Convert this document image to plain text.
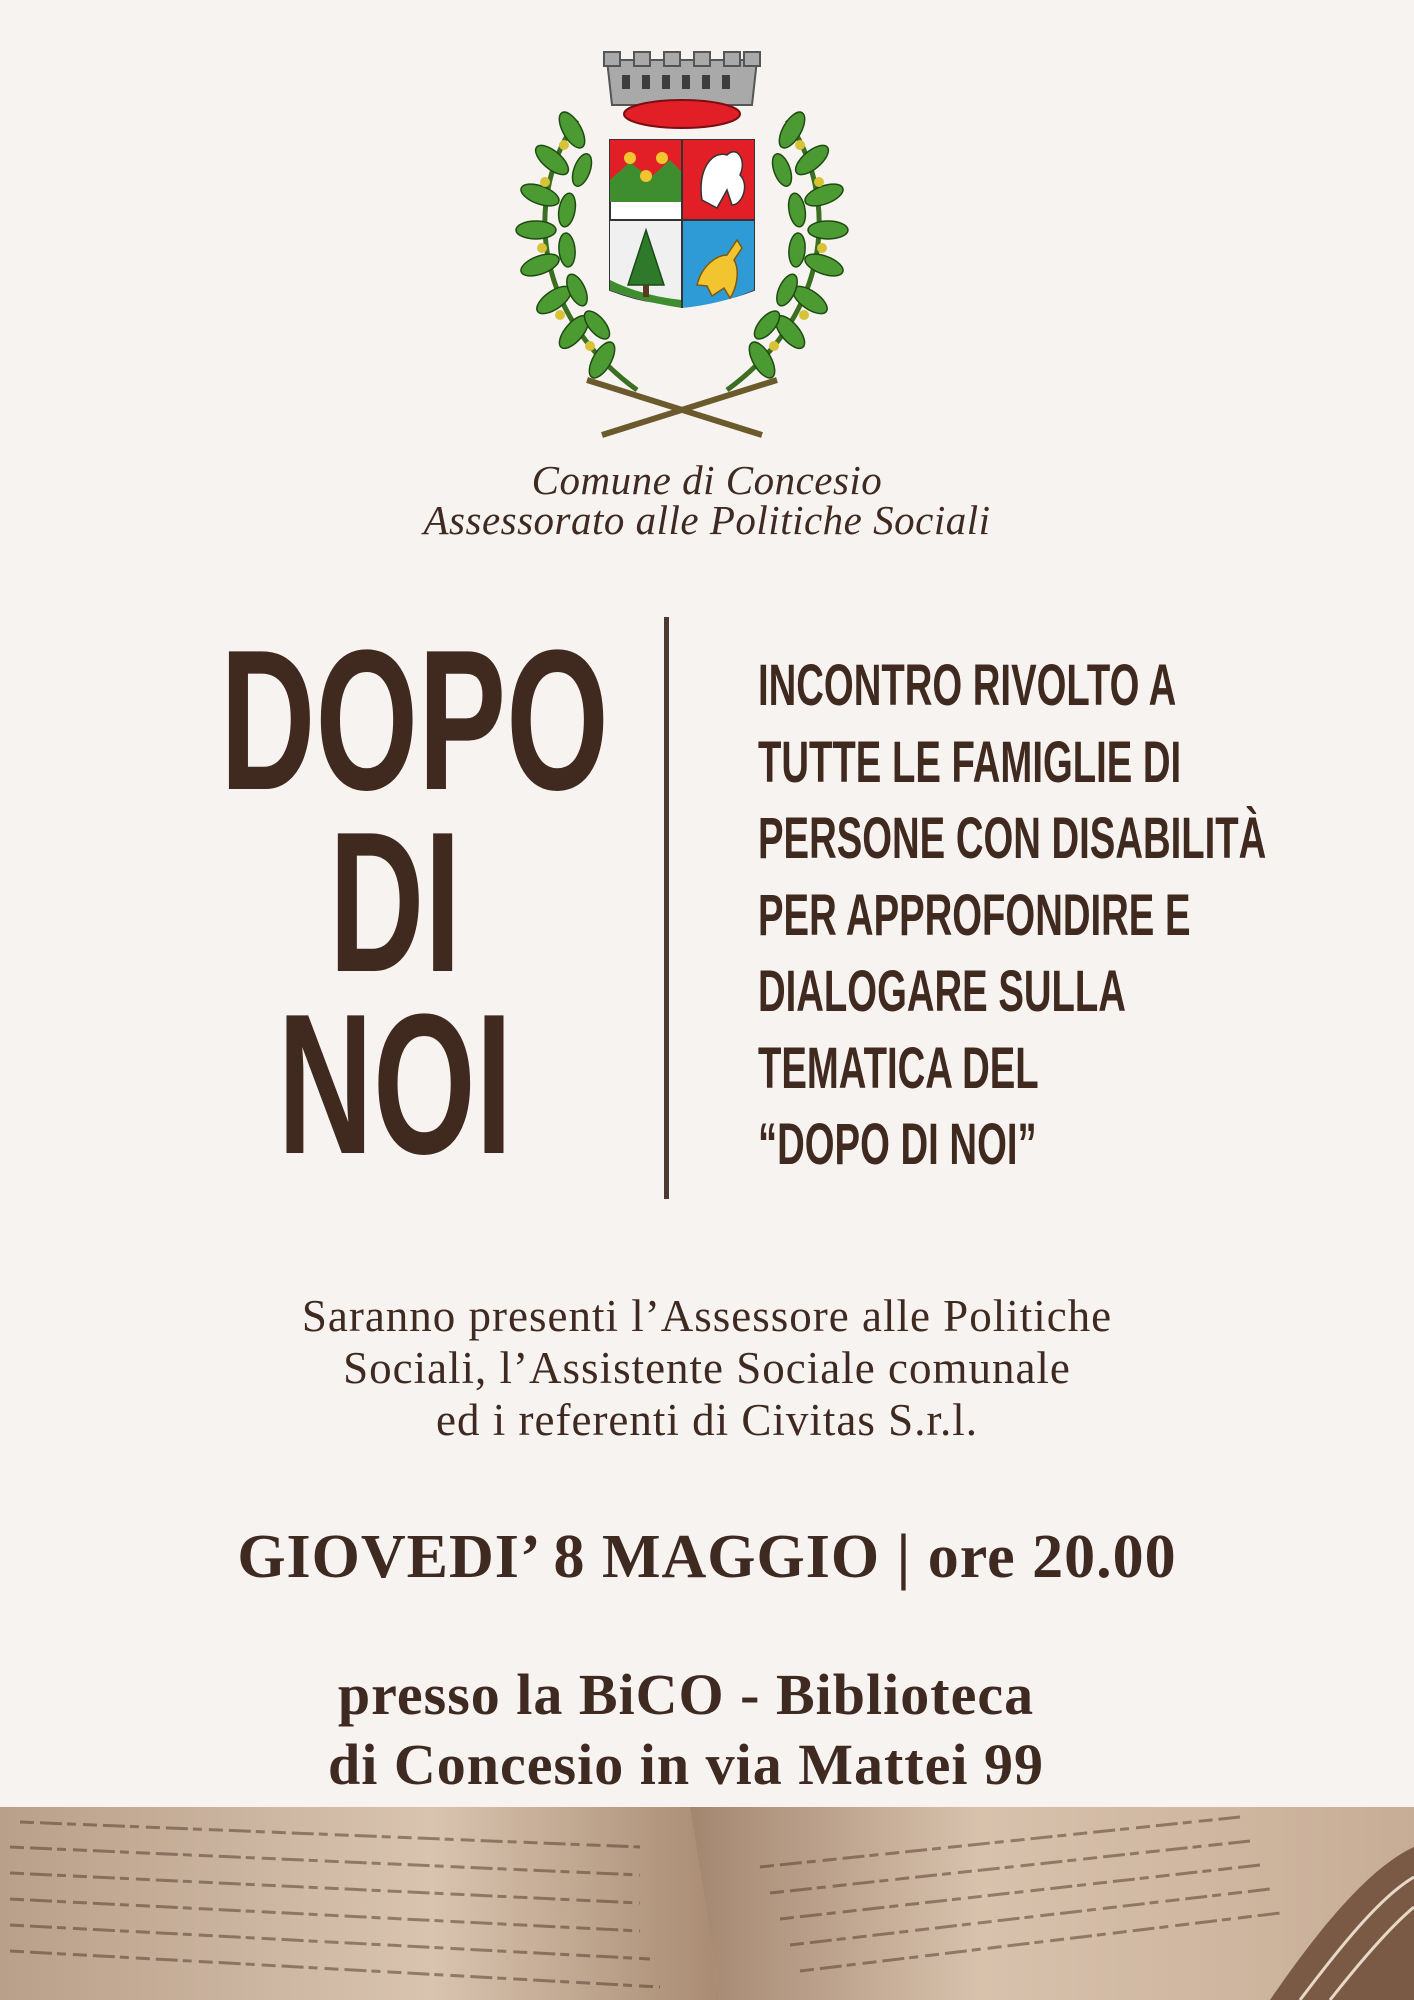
Comune di Concesio
Assessorato alle Politiche Sociali
DOPO
DI
NOI
INCONTRO RIVOLTO A
TUTTE LE FAMIGLIE DI
PERSONE CON DISABILITÀ
PER APPROFONDIRE E
DIALOGARE SULLA
TEMATICA DEL
“DOPO DI NOI”
Saranno presenti l’Assessore alle Politiche
Sociali, l’Assistente Sociale comunale
ed i referenti di Civitas S.r.l.
GIOVEDI’ 8 MAGGIO | ore 20.00
presso la BiCO - Biblioteca
di Concesio in via Mattei 99
